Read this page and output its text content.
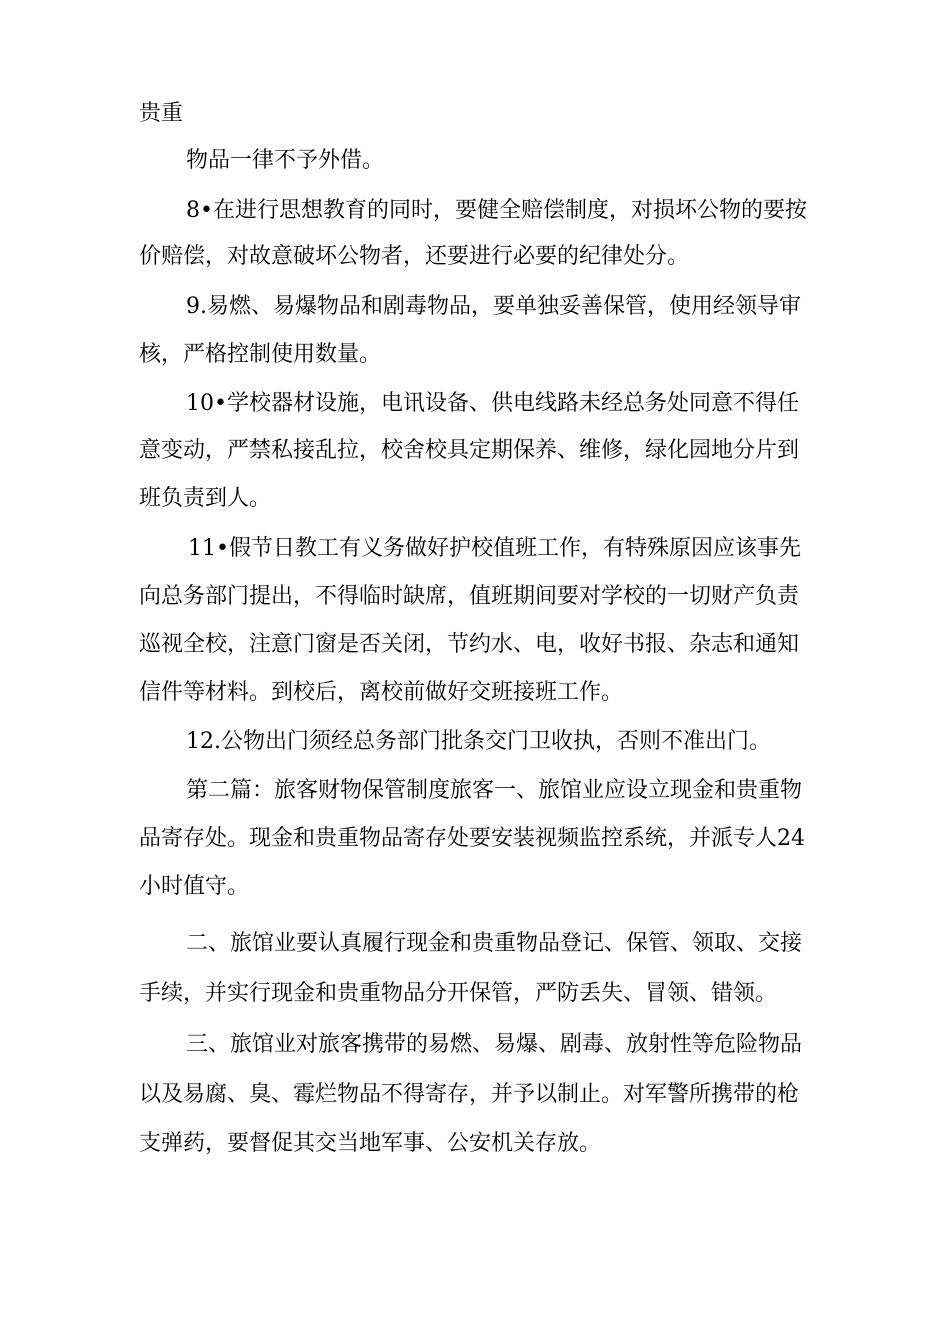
贵重
物品一律不予外借。
8•在进行思想教育的同时，要健全赔偿制度，对损坏公物的要按
价赔偿，对故意破坏公物者，还要进行必要的纪律处分。
9.易燃、易爆物品和剧毒物品，要单独妥善保管，使用经领导审
核，严格控制使用数量。
10•学校器材设施，电讯设备、供电线路未经总务处同意不得任
意变动，严禁私接乱拉，校舍校具定期保养、维修，绿化园地分片到
班负责到人。
11•假节日教工有义务做好护校值班工作，有特殊原因应该事先
向总务部门提出，不得临时缺席，值班期间要对学校的一切财产负责
巡视全校，注意门窗是否关闭，节约水、电，收好书报、杂志和通知
信件等材料。到校后，离校前做好交班接班工作。
12.公物出门须经总务部门批条交门卫收执，否则不准出门。
第二篇：旅客财物保管制度旅客一、旅馆业应设立现金和贵重物
品寄存处。现金和贵重物品寄存处要安装视频监控系统，并派专人24
小时值守。
二、旅馆业要认真履行现金和贵重物品登记、保管、领取、交接
手续，并实行现金和贵重物品分开保管，严防丢失、冒领、错领。
三、旅馆业对旅客携带的易燃、易爆、剧毒、放射性等危险物品
以及易腐、臭、霉烂物品不得寄存，并予以制止。对军警所携带的枪
支弹药，要督促其交当地军事、公安机关存放。
